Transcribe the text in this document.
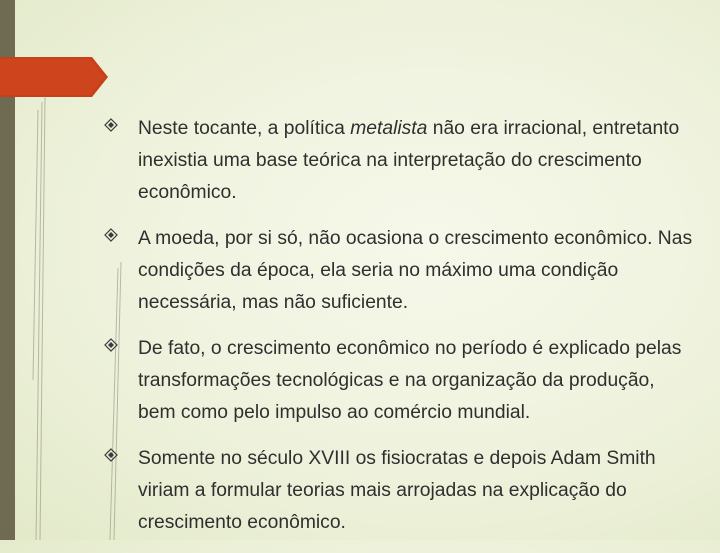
Neste tocante, a política metalista não era irracional, entretanto inexistia uma base teórica na interpretação do crescimento econômico.
A moeda, por si só, não ocasiona o crescimento econômico. Nas condições da época, ela seria no máximo uma condição necessária, mas não suficiente.
De fato, o crescimento econômico no período é explicado pelas transformações tecnológicas e na organização da produção, bem como pelo impulso ao comércio mundial.
Somente no século XVIII os fisiocratas e depois Adam Smith viriam a formular teorias mais arrojadas na explicação do crescimento econômico.
